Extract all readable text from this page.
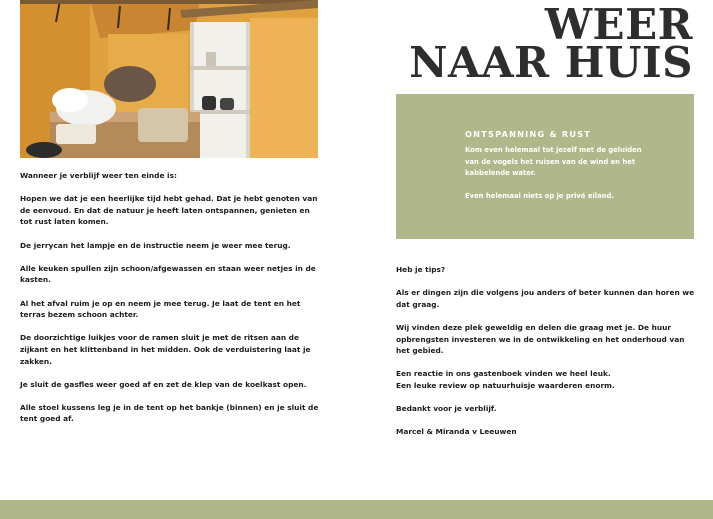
Wanneer je verblijf weer ten einde is:

Hopen we dat je een heerlijke tijd hebt gehad. Dat je hebt genoten van de eenvoud. En dat de natuur je heeft laten ontspannen, genieten en tot rust laten komen.

De jerrycan het lampje en de instructie neem je weer mee terug.

Alle keuken spullen zijn schoon/afgewassen en staan weer netjes in de kasten.

Al het afval ruim je op en neem je mee terug. Je laat de tent en het terras bezem schoon achter.

De doorzichtige luikjes voor de ramen sluit je met de ritsen aan de zijkant en het klittenband in het midden. Ook de verduistering laat je zakken.

Je sluit de gasfles weer goed af en zet de klep van de koelkast open.

Alle stoel kussens leg je in de tent op het bankje (binnen) en je sluit de tent goed af.

WEER
NAAR HUIS
ONTSPANNING & RUST

Kom even helemaal tot jezelf met de geluiden van de vogels het ruisen van de wind en het kabbelende water.

Even helemaal niets op je privé eiland.

Heb je tips?

Als er dingen zijn die volgens jou anders of beter kunnen dan horen we dat graag.

Wij vinden deze plek geweldig en delen die graag met je. De huur opbrengsten investeren we in de ontwikkeling en het onderhoud van het gebied.

Een reactie in ons gastenboek vinden we heel leuk.
Een leuke review op natuurhuisje waarderen enorm.

Bedankt voor je verblijf.

Marcel & Miranda v Leeuwen
